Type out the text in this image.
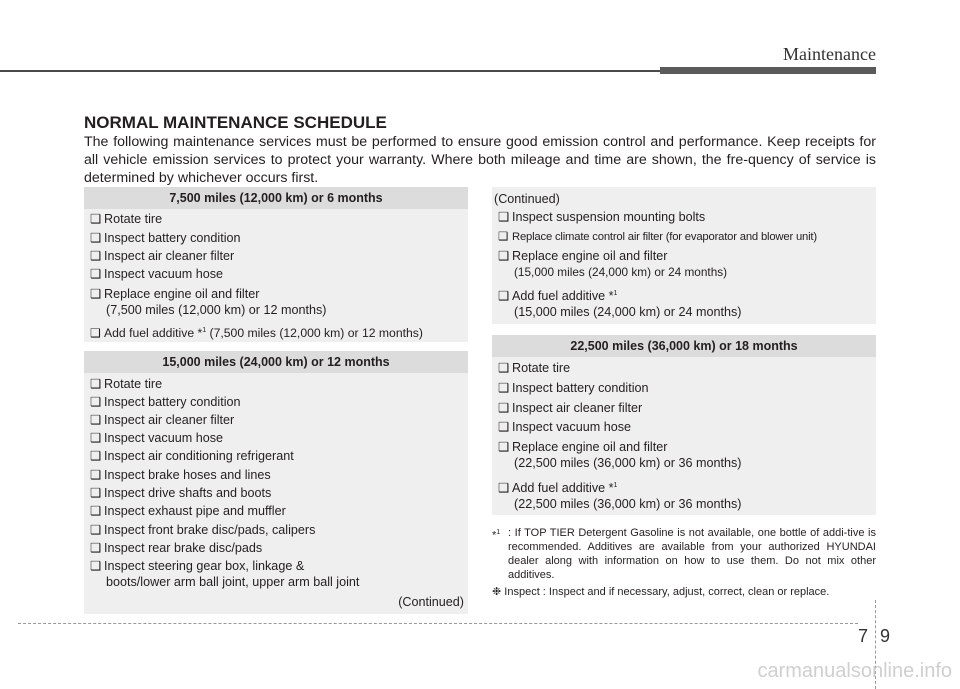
Maintenance
NORMAL MAINTENANCE SCHEDULE
The following maintenance services must be performed to ensure good emission control and performance. Keep receipts for all vehicle emission services to protect your warranty. Where both mileage and time are shown, the fre-quency of service is determined by whichever occurs first.
7,500 miles (12,000 km) or 6 months
❑ Rotate tire
❑ Inspect battery condition
❑ Inspect air cleaner filter
❑ Inspect vacuum hose
❑ Replace engine oil and filter
(7,500 miles (12,000 km) or 12 months)
❑ Add fuel additive *$^1$ (7,500 miles (12,000 km) or 12 months)
15,000 miles (24,000 km) or 12 months
❑ Rotate tire
❑ Inspect battery condition
❑ Inspect air cleaner filter
❑ Inspect vacuum hose
❑ Inspect air conditioning refrigerant
❑ Inspect brake hoses and lines
❑ Inspect drive shafts and boots
❑ Inspect exhaust pipe and muffler
❑ Inspect front brake disc/pads, calipers
❑ Inspect rear brake disc/pads
❑ Inspect steering gear box, linkage &
boots/lower arm ball joint, upper arm ball joint
(Continued)
(Continued)
❑ Inspect suspension mounting bolts
❑ Replace climate control air filter (for evaporator and blower unit)
❑ Replace engine oil and filter
(15,000 miles (24,000 km) or 24 months)
❑ Add fuel additive *$^1$
(15,000 miles (24,000 km) or 24 months)
22,500 miles (36,000 km) or 18 months
❑ Rotate tire
❑ Inspect battery condition
❑ Inspect air cleaner filter
❑ Inspect vacuum hose
❑ Replace engine oil and filter
(22,500 miles (36,000 km) or 36 months)
❑ Add fuel additive *$^1$
(22,500 miles (36,000 km) or 36 months)
*$^1$ : If TOP TIER Detergent Gasoline is not available, one bottle of addi-tive is recommended. Additives are available from your authorized HYUNDAI dealer along with information on how to use them. Do not mix other additives.
❉ Inspect : Inspect and if necessary, adjust, correct, clean or replace.
7 9
carmanualsonline.info
